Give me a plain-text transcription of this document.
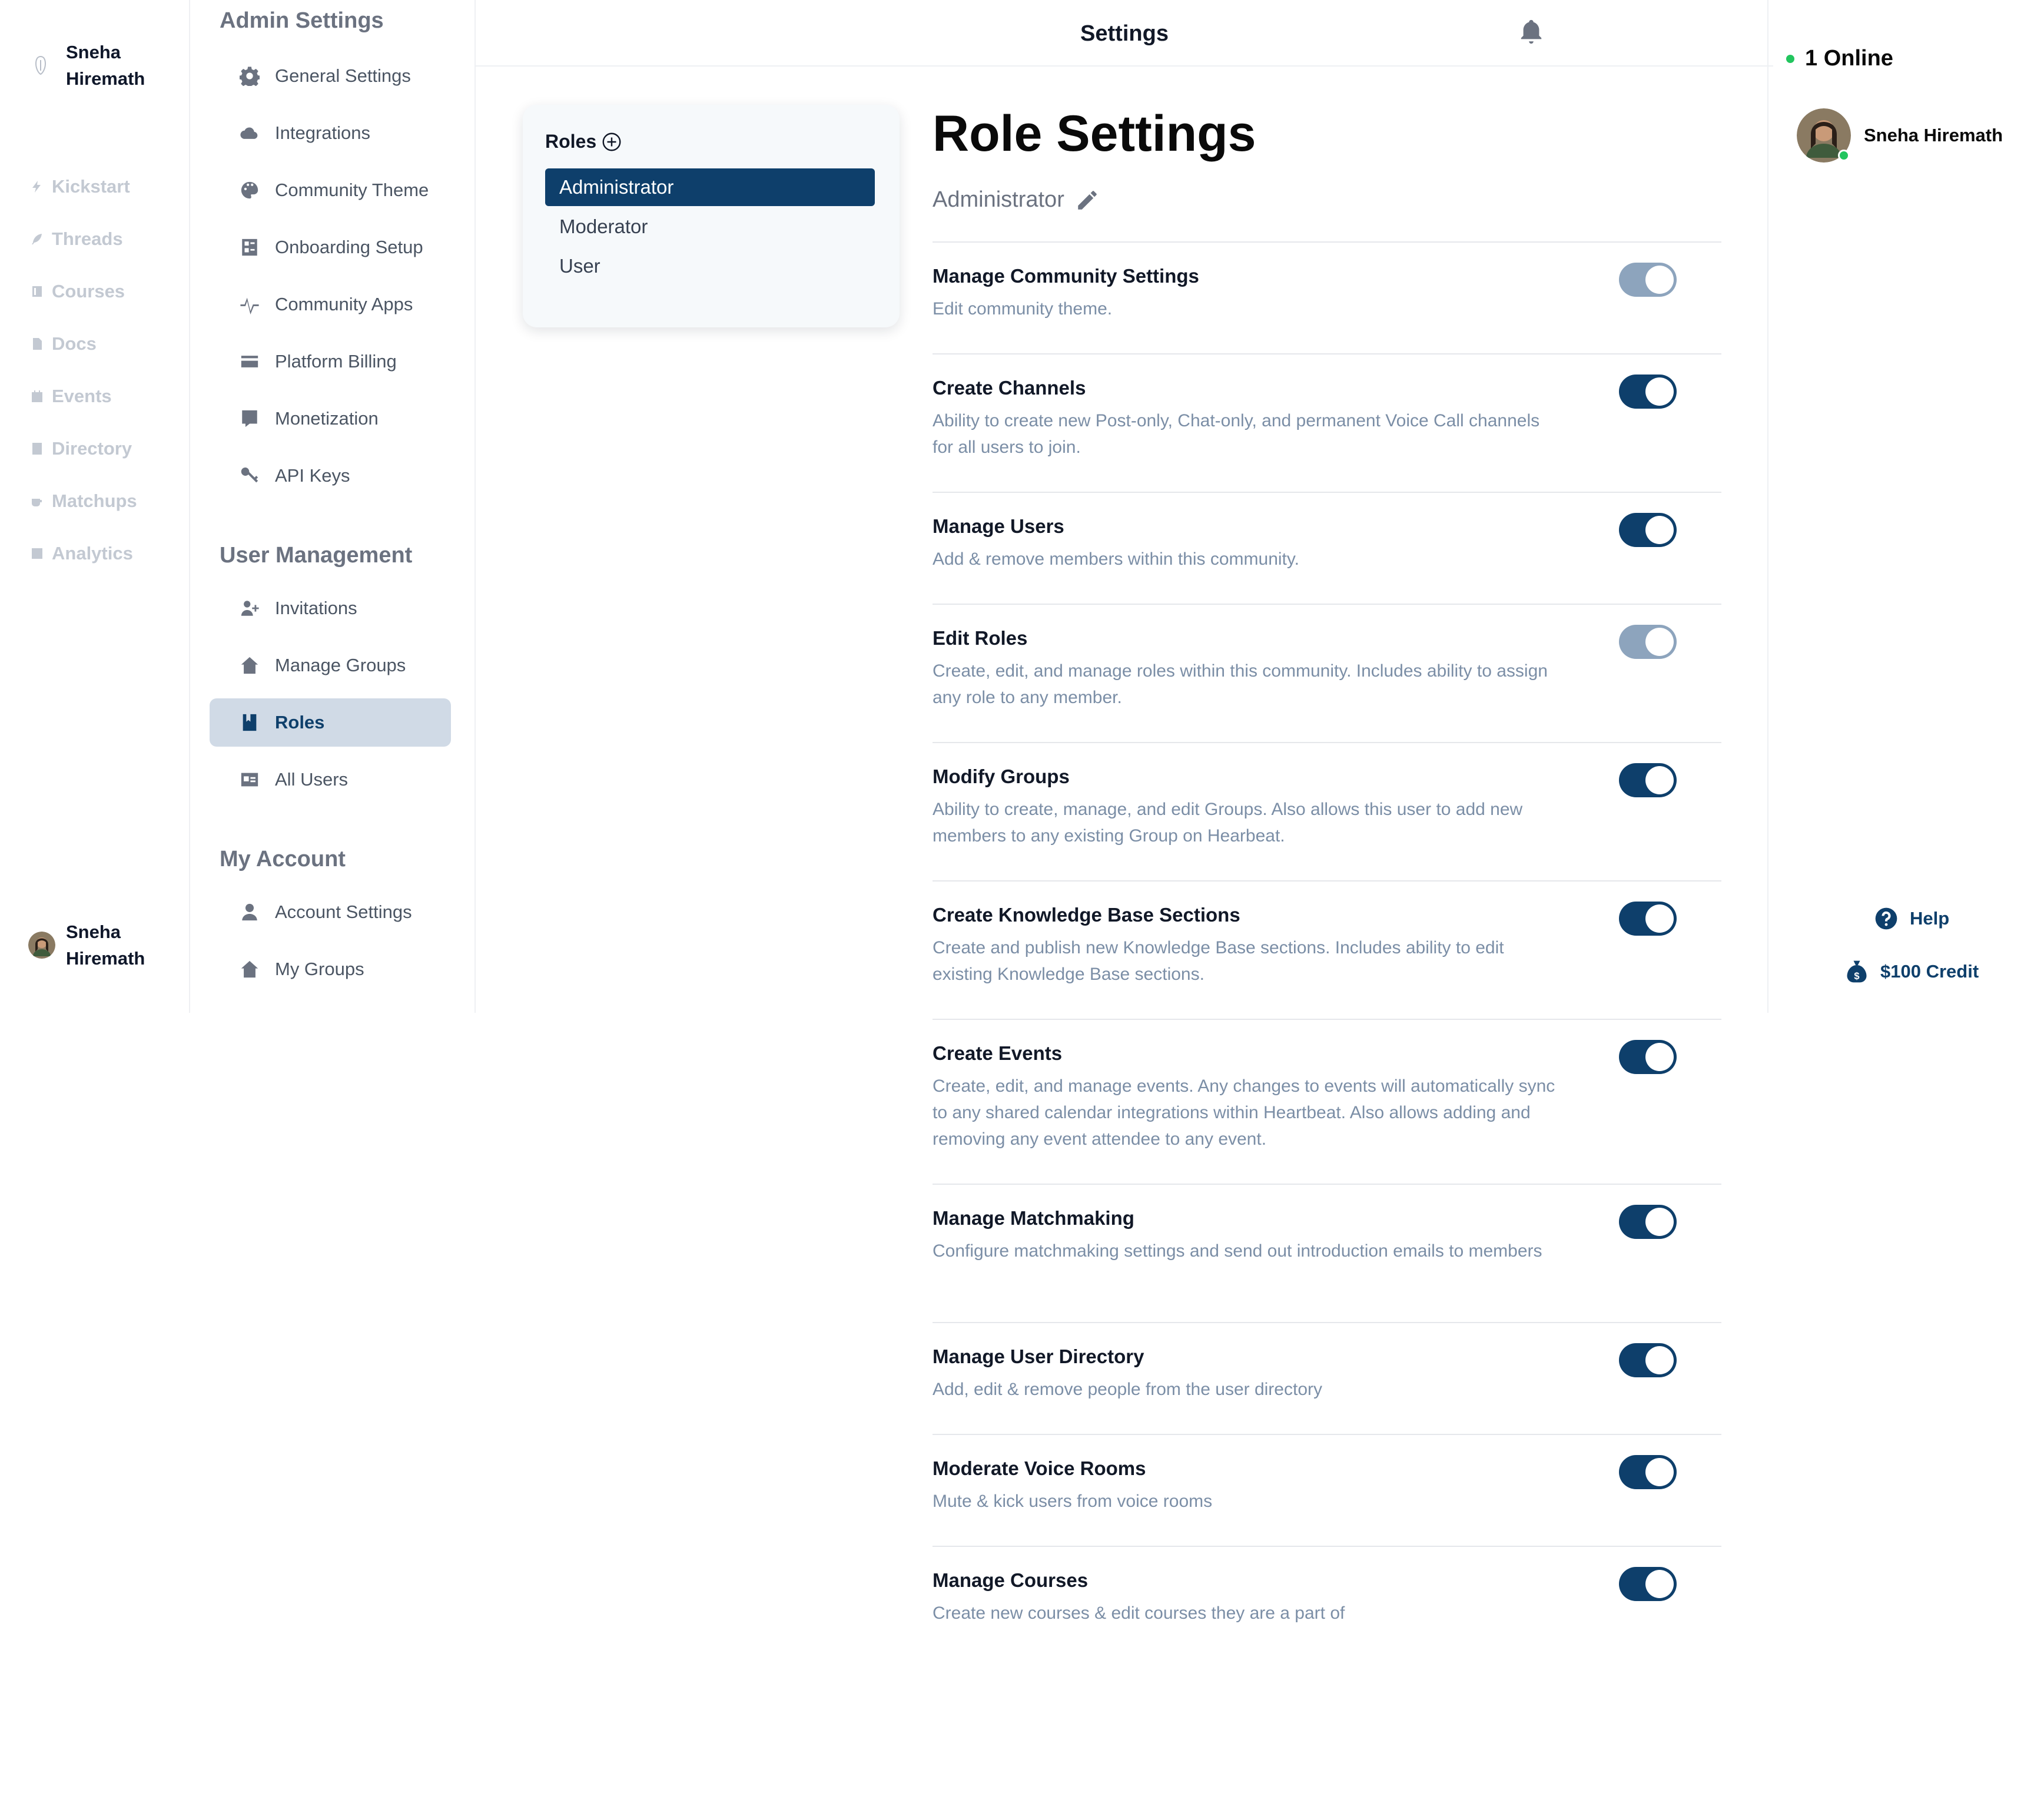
Sneha
Hiremath
Kickstart
Threads
Courses
Docs
Events
Directory
Matchups
Analytics
Sneha
Hiremath
Admin Settings
General Settings
Integrations
Community Theme
Onboarding Setup
Community Apps
Platform Billing
Monetization
API Keys
User Management
Invitations
Manage Groups
Roles
All Users
My Account
Account Settings
My Groups
Settings
Roles
Administrator
Moderator
User
Role Settings
Administrator
Manage Community Settings
Edit community theme.
Create Channels
Ability to create new Post-only, Chat-only, and permanent Voice Call channels for all users to join.
Manage Users
Add & remove members within this community.
Edit Roles
Create, edit, and manage roles within this community. Includes ability to assign any role to any member.
Modify Groups
Ability to create, manage, and edit Groups. Also allows this user to add new members to any existing Group on Hearbeat.
Create Knowledge Base Sections
Create and publish new Knowledge Base sections. Includes ability to edit existing Knowledge Base sections.
Create Events
Create, edit, and manage events. Any changes to events will automatically sync to any shared calendar integrations within Heartbeat. Also allows adding and removing any event attendee to any event.
Manage Matchmaking
Configure matchmaking settings and send out introduction emails to members
Manage User Directory
Add, edit & remove people from the user directory
Moderate Voice Rooms
Mute & kick users from voice rooms
Manage Courses
Create new courses & edit courses they are a part of
1 Online
Sneha Hiremath
Help
$ $100 Credit
